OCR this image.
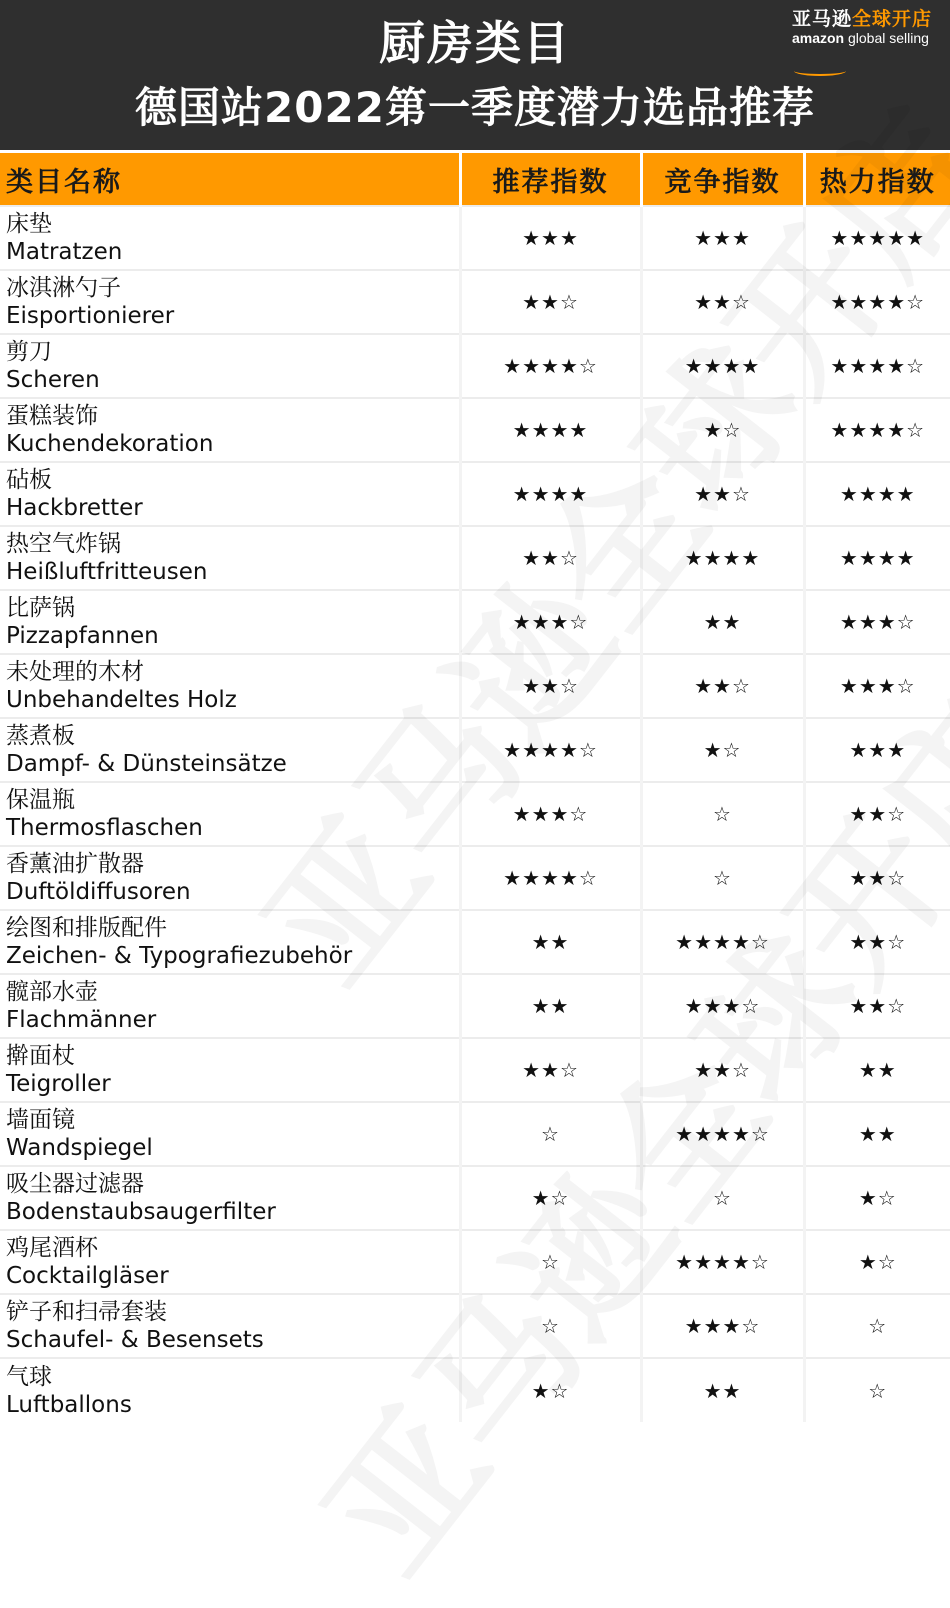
厨房类目
德国站2022第一季度潜力选品推荐
亚马逊全球开店
amazon global selling
类目名称	推荐指数	竞争指数	热力指数

床垫
Matratzen	★★★	★★★	★★★★★

冰淇淋勺子
Eisportionierer	★★☆	★★☆	★★★★☆

剪刀
Scheren	★★★★☆	★★★★	★★★★☆

蛋糕装饰
Kuchendekoration	★★★★	★☆	★★★★☆

砧板
Hackbretter	★★★★	★★☆	★★★★

热空气炸锅
Heißluftfritteusen	★★☆	★★★★	★★★★

比萨锅
Pizzapfannen	★★★☆	★★	★★★☆

未处理的木材
Unbehandeltes Holz	★★☆	★★☆	★★★☆

蒸煮板
Dampf- & Dünsteinsätze	★★★★☆	★☆	★★★

保温瓶
Thermosflaschen	★★★☆	☆	★★☆

香薰油扩散器
Duftöldiffusoren	★★★★☆	☆	★★☆

绘图和排版配件
Zeichen- & Typografiezubehör	★★	★★★★☆	★★☆

髋部水壶
Flachmänner	★★	★★★☆	★★☆

擀面杖
Teigroller	★★☆	★★☆	★★

墙面镜
Wandspiegel	☆	★★★★☆	★★

吸尘器过滤器
Bodenstaubsaugerfilter	★☆	☆	★☆

鸡尾酒杯
Cocktailgläser	☆	★★★★☆	★☆

铲子和扫帚套装
Schaufel- & Besensets	☆	★★★☆	☆

气球
Luftballons	★☆	★★	☆
